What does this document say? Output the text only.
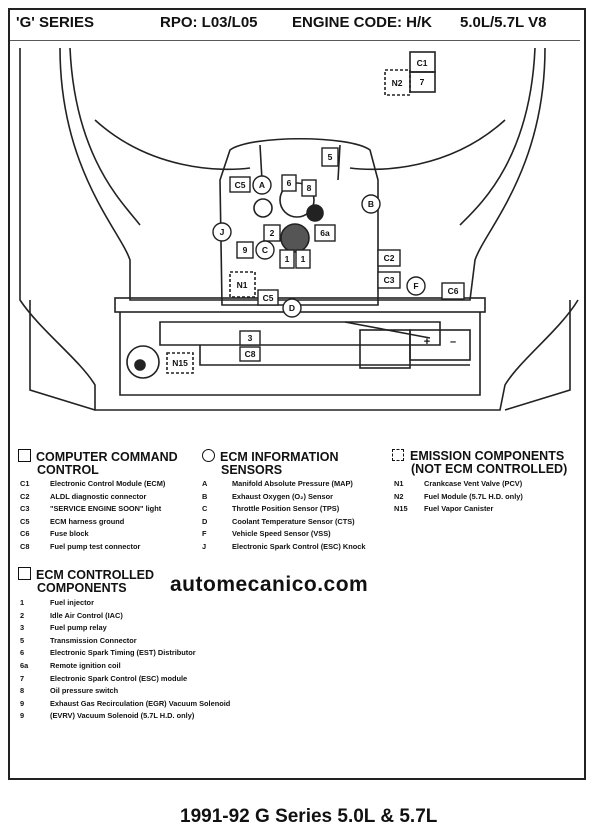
'G' SERIES	RPO: L03/L05 ENGINE CODE: H/K 5.0L/5.7L V8
C1
7
N2
5
C5 A	6 8
B
J	2	6a
9 C
1 1
N1
C2
C3
F	C6
C5
D
3
C8
N15
+ –
COMPUTER COMMAND
CONTROL
ECM INFORMATION
SENSORS
EMISSION COMPONENTS
(NOT ECM CONTROLLED)
C1	Electronic Control Module (ECM)
C2	ALDL diagnostic connector
C3	"SERVICE ENGINE SOON" light
C5	ECM harness ground
C6	Fuse block
C8	Fuel pump test connector
A	Manifold Absolute Pressure (MAP)
B	Exhaust Oxygen (O₂) Sensor
C	Throttle Position Sensor (TPS)
D	Coolant Temperature Sensor (CTS)
F	Vehicle Speed Sensor (VSS)
J	Electronic Spark Control (ESC) Knock
N1	Crankcase Vent Valve (PCV)
N2	Fuel Module (5.7L H.D. only)
N15	Fuel Vapor Canister
ECM CONTROLLED
COMPONENTS	automecanico.com
1	Fuel injector
2	Idle Air Control (IAC)
3	Fuel pump relay
5	Transmission Connector
6	Electronic Spark Timing (EST) Distributor
6a	Remote ignition coil
7	Electronic Spark Control (ESC) module
8	Oil pressure switch
9	Exhaust Gas Recirculation (EGR) Vacuum Solenoid
9	(EVRV) Vacuum Solenoid (5.7L H.D. only)
1991-92 G Series 5.0L & 5.7L
